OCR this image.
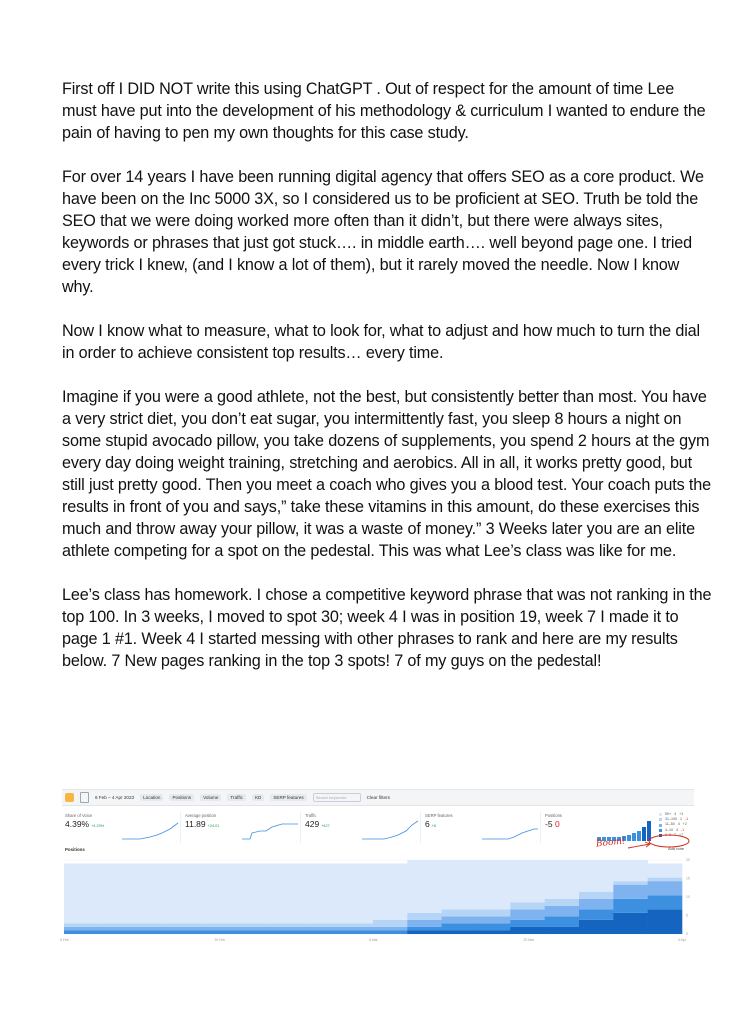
First off I DID NOT write this using ChatGPT . Out of respect for the amount of time Lee must have put into the development of his methodology & curriculum I wanted to endure the pain of having to pen my own thoughts for this case study.

For over 14 years I have been running digital agency that offers SEO as a core product. We have been on the Inc 5000 3X, so I considered us to be proficient at SEO. Truth be told the SEO that we were doing worked more often than it didn’t, but there were always sites, keywords or phrases that just got stuck…. in middle earth…. well beyond page one. I tried every trick I knew, (and I know a lot of them), but it rarely moved the needle. Now I know why.

Now I know what to measure, what to look for, what to adjust and how much to turn the dial in order to achieve consistent top results… every time.

Imagine if you were a good athlete, not the best, but consistently better than most. You have a very strict diet, you don’t eat sugar, you intermittently fast, you sleep 8 hours a night on some stupid avocado pillow, you take dozens of supplements, you spend 2 hours at the gym every day doing weight training, stretching and aerobics. All in all, it works pretty good, but still just pretty good. Then you meet a coach who gives you a blood test. Your coach puts the results in front of you and says,” take these vitamins in this amount, do these exercises this much and throw away your pillow, it was a waste of money.” 3 Weeks later you are an elite athlete competing for a spot on the pedestal. This was what Lee’s class was like for me.

Lee’s class has homework. I chose a competitive keyword phrase that was not ranking in the top 100. In 3 weeks, I moved to spot 30; week 4 I was in position 19, week 7 I made it to page 1 #1. Week 4 I started messing with other phrases to rank and here are my results below. 7 New pages ranking in the top 3 spots! 7 of my guys on the pedestal!

6 Feb – 4 Apr 2023	Location	Positions	Volume	Traffic	KD	SERP features	Search keywords	Clear filters
Share of Voice
4.39% +4.29%
Average position
11.89 +24.01
Traffic
429 +427
SERP features
6 +6
Positions
-5 0
50+ 4 +3
31–100 1 -1
11–50 4 +2
4–10 4 -1
1–3 7 +7
Boom!	Add note
Positions
20
15
10
5
0
6 Feb	20 Feb	6 Mar	20 Mar	4 Apr
